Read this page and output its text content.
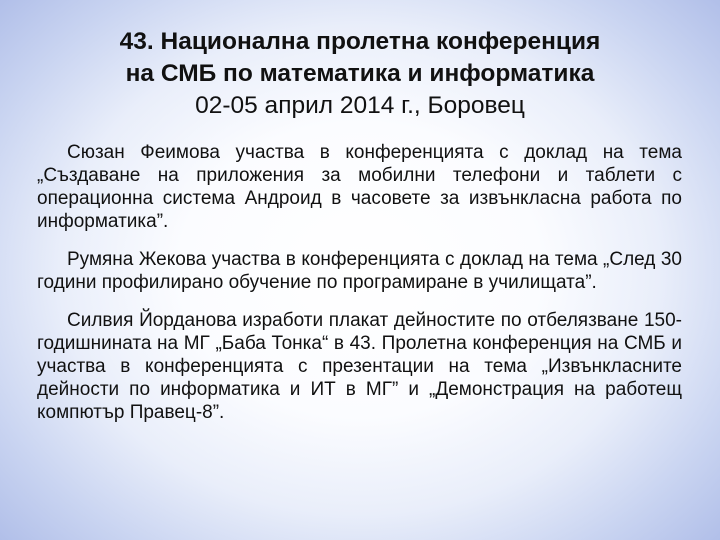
43. Национална пролетна конференция
на СМБ по математика и информатика
02-05 април 2014 г., Боровец

Сюзан Феимова участва в конференцията с доклад на тема „Създаване на приложения за мобилни телефони и таблети с операционна система Андроид в часовете за извънкласна работа по информатика”.

Румяна Жекова участва в конференцията с доклад на тема „След 30 години профилирано обучение по програмиране в училищата”.

Силвия Йорданова изработи плакат дейностите по отбелязване 150-годишнината на МГ „Баба Тонка“ в 43. Пролетна конференция на СМБ и участва в конференцията с презентации на тема „Извънкласните дейности по информатика и ИТ в МГ” и „Демонстрация на работещ компютър Правец-8”.
